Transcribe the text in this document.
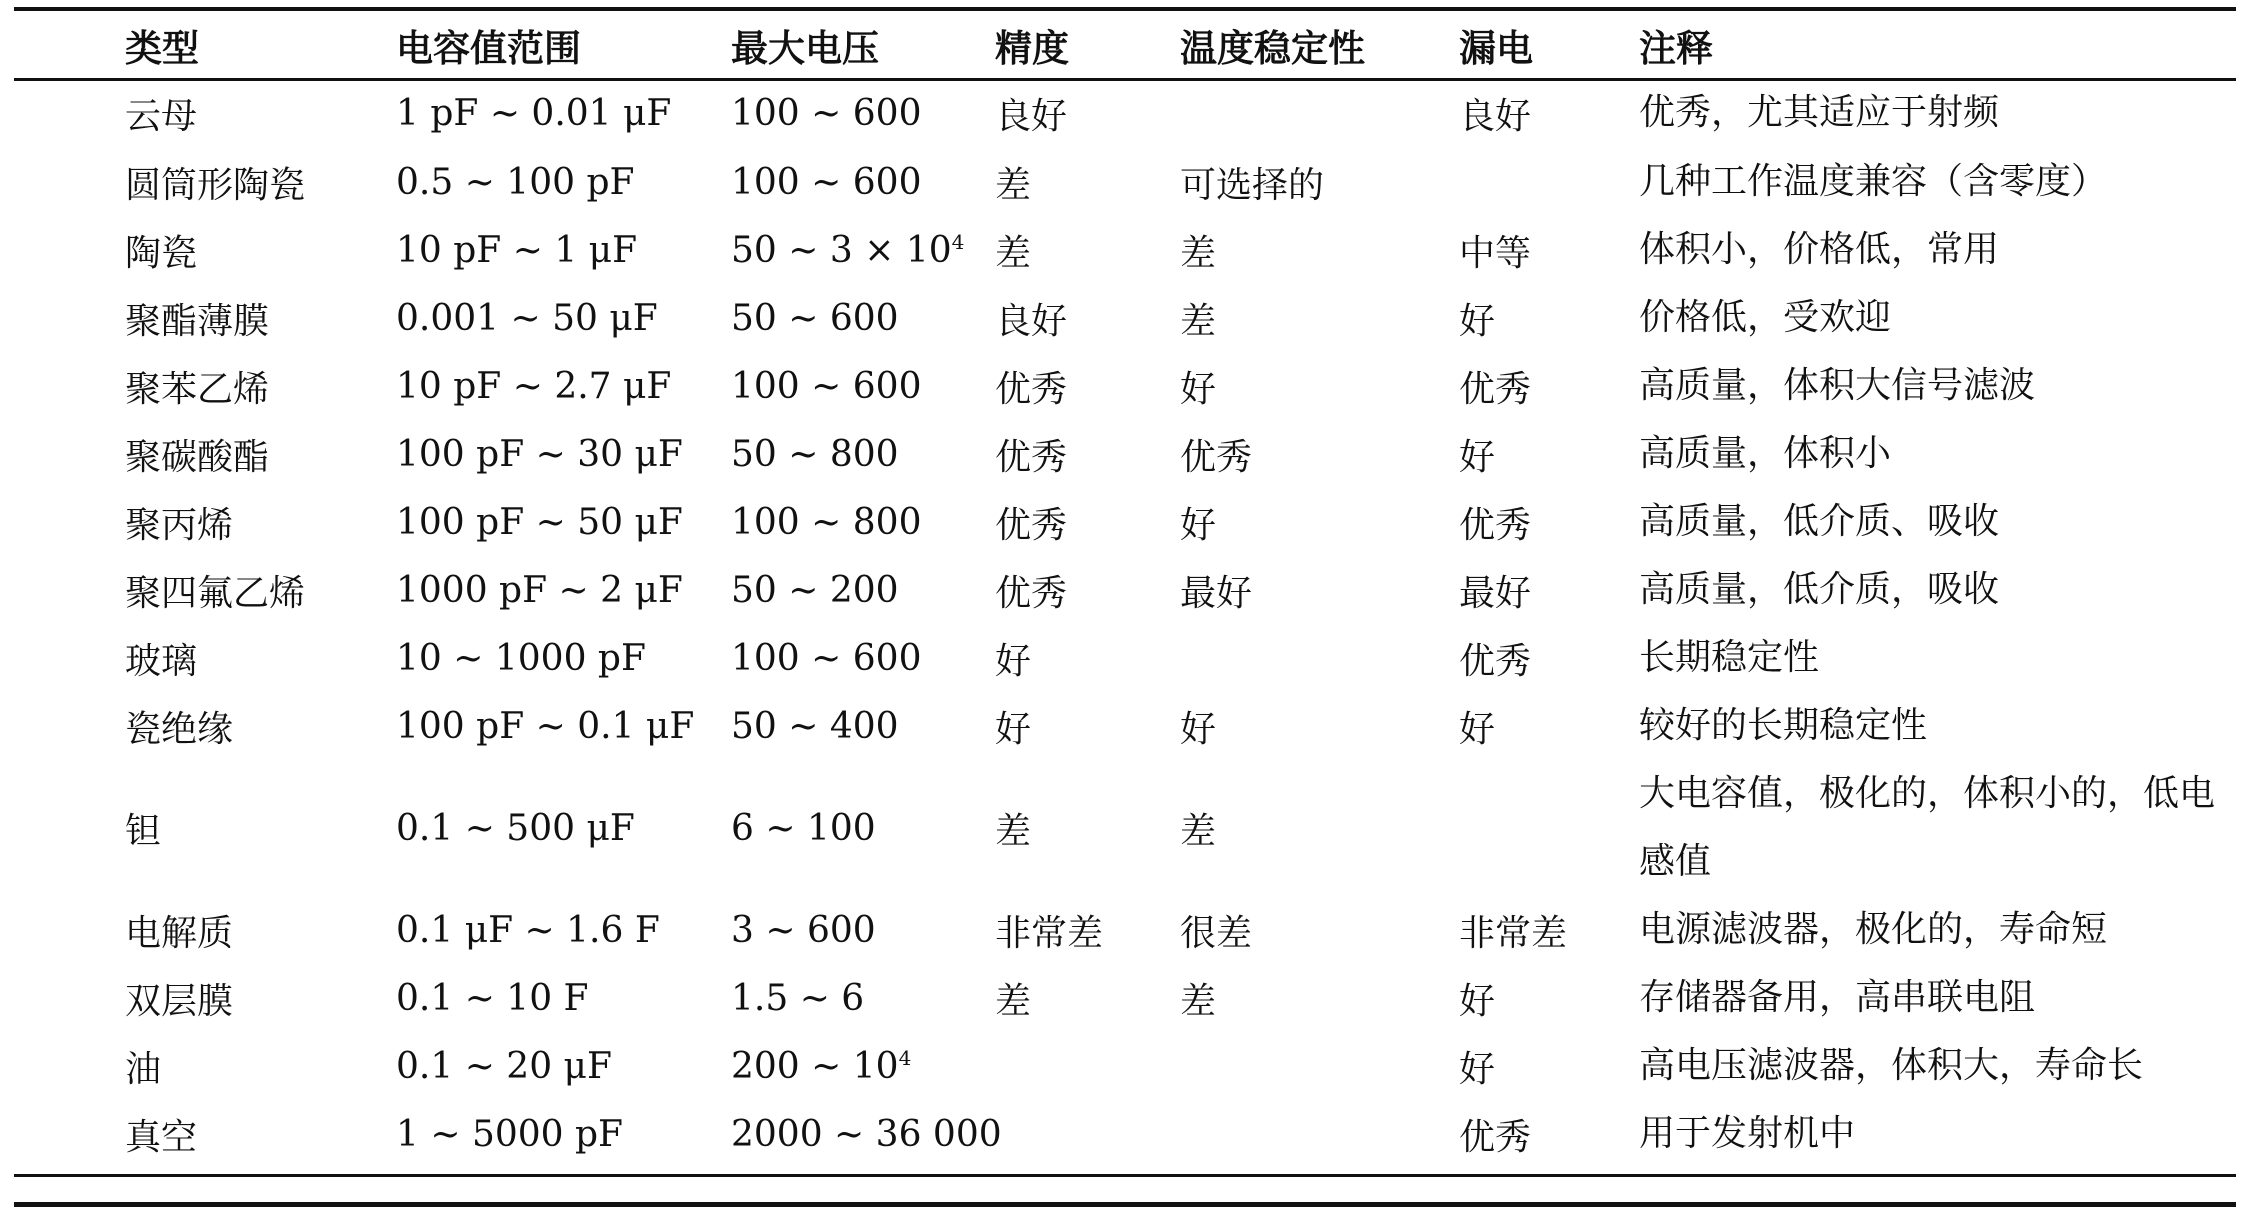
	类型	电容值范围	最大电压	精度	温度稳定性	漏电	注释
	云母	1 pF ~ 0.01 μF	100 ~ 600	良好		良好	优秀，尤其适应于射频
	圆筒形陶瓷	0.5 ~ 100 pF	100 ~ 600	差	可选择的		几种工作温度兼容（含零度）
	陶瓷	10 pF ~ 1 μF	50 ~ $3 \times 10^4$	差	差	中等	体积小，价格低，常用
	聚酯薄膜	0.001 ~ 50 μF	50 ~ 600	良好	差	好	价格低，受欢迎
	聚苯乙烯	10 pF ~ 2.7 μF	100 ~ 600	优秀	好	优秀	高质量，体积大信号滤波
	聚碳酸酯	100 pF ~ 30 μF	50 ~ 800	优秀	优秀	好	高质量，体积小
	聚丙烯	100 pF ~ 50 μF	100 ~ 800	优秀	好	优秀	高质量，低介质、吸收
	聚四氟乙烯	1000 pF ~ 2 μF	50 ~ 200	优秀	最好	最好	高质量，低介质，吸收
	玻璃	10 ~ 1000 pF	100 ~ 600	好		优秀	长期稳定性
	瓷绝缘	100 pF ~ 0.1 μF	50 ~ 400	好	好	好	较好的长期稳定性
	钽	0.1 ~ 500 μF	6 ~ 100	差	差		大电容值，极化的，体积小的，低电感值
	电解质	0.1 μF ~ 1.6 F	3 ~ 600	非常差	很差	非常差	电源滤波器，极化的，寿命短
	双层膜	0.1 ~ 10 F	1.5 ~ 6	差	差	好	存储器备用，高串联电阻
	油	0.1 ~ 20 μF	200 ~ $10^4$			好	高电压滤波器，体积大，寿命长
	真空	1 ~ 5000 pF	2000 ~ 36 000			优秀	用于发射机中
